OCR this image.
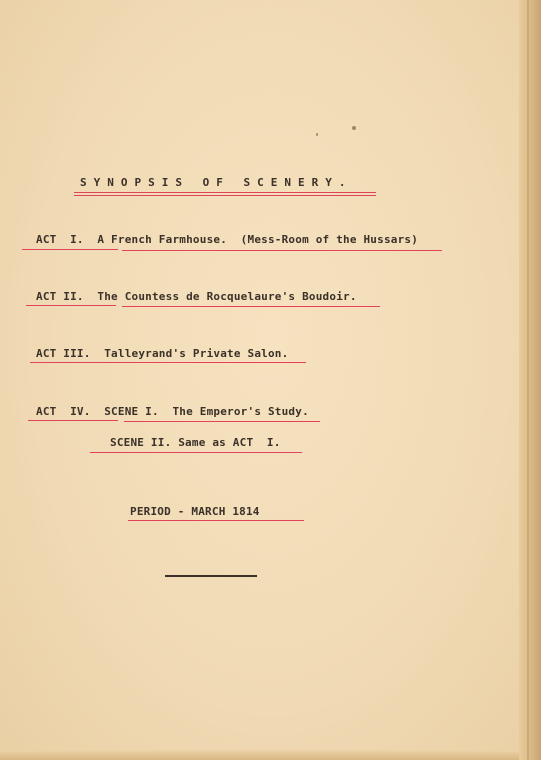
SYNOPSIS OF SCENERY.
ACT  I.  A French Farmhouse.  (Mess-Room of the Hussars)
ACT II.  The Countess de Rocquelaure's Boudoir.
ACT III.  Talleyrand's Private Salon.
ACT  IV.  SCENE I.  The Emperor's Study.
SCENE II. Same as ACT  I.
PERIOD - MARCH 1814
